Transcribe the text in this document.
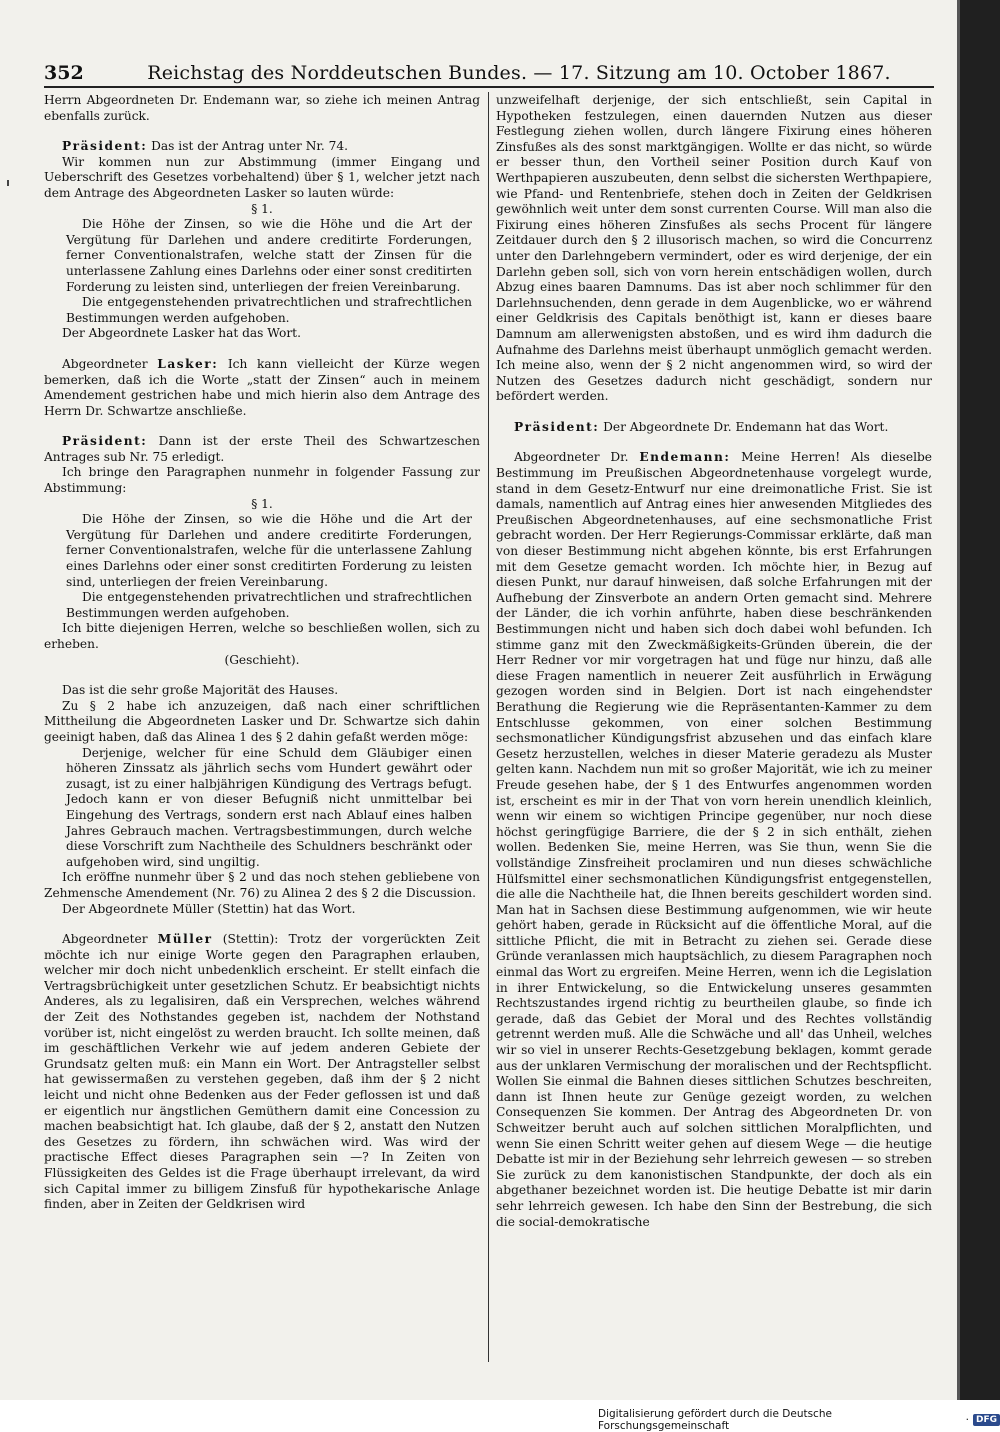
352	Reichstag des Norddeutschen Bundes. — 17. Sitzung am 10. October 1867.

Herrn Abgeordneten Dr. Endemann war, so ziehe ich meinen Antrag ebenfalls zurück.

Präsident: Das ist der Antrag unter Nr. 74.

Wir kommen nun zur Abstimmung (immer Eingang und Ueberschrift des Gesetzes vorbehaltend) über § 1, welcher jetzt nach dem Antrage des Abgeordneten Lasker so lauten würde:

§ 1.

Die Höhe der Zinsen, so wie die Höhe und die Art der Vergütung für Darlehen und andere creditirte Forderungen, ferner Conventionalstrafen, welche statt der Zinsen für die unterlassene Zahlung eines Darlehns oder einer sonst creditirten Forderung zu leisten sind, unterliegen der freien Vereinbarung.

Die entgegenstehenden privatrechtlichen und strafrechtlichen Bestimmungen werden aufgehoben.

Der Abgeordnete Lasker hat das Wort.

Abgeordneter Lasker: Ich kann vielleicht der Kürze wegen bemerken, daß ich die Worte „statt der Zinsen“ auch in meinem Amendement gestrichen habe und mich hierin also dem Antrage des Herrn Dr. Schwartze anschließe.

Präsident: Dann ist der erste Theil des Schwartzeschen Antrages sub Nr. 75 erledigt.

Ich bringe den Paragraphen nunmehr in folgender Fassung zur Abstimmung:

§ 1.

Die Höhe der Zinsen, so wie die Höhe und die Art der Vergütung für Darlehen und andere creditirte Forderungen, ferner Conventionalstrafen, welche für die unterlassene Zahlung eines Darlehns oder einer sonst creditirten Forderung zu leisten sind, unterliegen der freien Vereinbarung.

Die entgegenstehenden privatrechtlichen und strafrechtlichen Bestimmungen werden aufgehoben.

Ich bitte diejenigen Herren, welche so beschließen wollen, sich zu erheben.

(Geschieht).

Das ist die sehr große Majorität des Hauses.

Zu § 2 habe ich anzuzeigen, daß nach einer schriftlichen Mittheilung die Abgeordneten Lasker und Dr. Schwartze sich dahin geeinigt haben, daß das Alinea 1 des § 2 dahin gefaßt werden möge:

Derjenige, welcher für eine Schuld dem Gläubiger einen höheren Zinssatz als jährlich sechs vom Hundert gewährt oder zusagt, ist zu einer halbjährigen Kündigung des Vertrags befugt. Jedoch kann er von dieser Befugniß nicht unmittelbar bei Eingehung des Vertrags, sondern erst nach Ablauf eines halben Jahres Gebrauch machen. Vertragsbestimmungen, durch welche diese Vorschrift zum Nachtheile des Schuldners beschränkt oder aufgehoben wird, sind ungiltig.

Ich eröffne nunmehr über § 2 und das noch stehen gebliebene von Zehmensche Amendement (Nr. 76) zu Alinea 2 des § 2 die Discussion.

Der Abgeordnete Müller (Stettin) hat das Wort.

Abgeordneter Müller (Stettin): Trotz der vorgerückten Zeit möchte ich nur einige Worte gegen den Paragraphen erlauben, welcher mir doch nicht unbedenklich erscheint. Er stellt einfach die Vertragsbrüchigkeit unter gesetzlichen Schutz. Er beabsichtigt nichts Anderes, als zu legalisiren, daß ein Versprechen, welches während der Zeit des Nothstandes gegeben ist, nachdem der Nothstand vorüber ist, nicht eingelöst zu werden braucht. Ich sollte meinen, daß im geschäftlichen Verkehr wie auf jedem anderen Gebiete der Grundsatz gelten muß: ein Mann ein Wort. Der Antragsteller selbst hat gewissermaßen zu verstehen gegeben, daß ihm der § 2 nicht leicht und nicht ohne Bedenken aus der Feder geflossen ist und daß er eigentlich nur ängstlichen Gemüthern damit eine Concession zu machen beabsichtigt hat. Ich glaube, daß der § 2, anstatt den Nutzen des Gesetzes zu fördern, ihn schwächen wird. Was wird der practische Effect dieses Paragraphen sein —? In Zeiten von Flüssigkeiten des Geldes ist die Frage überhaupt irrelevant, da wird sich Capital immer zu billigem Zinsfuß für hypothekarische Anlage finden, aber in Zeiten der Geldkrisen wird

unzweifelhaft derjenige, der sich entschließt, sein Capital in Hypotheken festzulegen, einen dauernden Nutzen aus dieser Festlegung ziehen wollen, durch längere Fixirung eines höheren Zinsfußes als des sonst marktgängigen. Wollte er das nicht, so würde er besser thun, den Vortheil seiner Position durch Kauf von Werthpapieren auszubeuten, denn selbst die sichersten Werthpapiere, wie Pfand- und Rentenbriefe, stehen doch in Zeiten der Geldkrisen gewöhnlich weit unter dem sonst currenten Course. Will man also die Fixirung eines höheren Zinsfußes als sechs Procent für längere Zeitdauer durch den § 2 illusorisch machen, so wird die Concurrenz unter den Darlehngebern vermindert, oder es wird derjenige, der ein Darlehn geben soll, sich von vorn herein entschädigen wollen, durch Abzug eines baaren Damnums. Das ist aber noch schlimmer für den Darlehnsuchenden, denn gerade in dem Augenblicke, wo er während einer Geldkrisis des Capitals benöthigt ist, kann er dieses baare Damnum am allerwenigsten abstoßen, und es wird ihm dadurch die Aufnahme des Darlehns meist überhaupt unmöglich gemacht werden. Ich meine also, wenn der § 2 nicht angenommen wird, so wird der Nutzen des Gesetzes dadurch nicht geschädigt, sondern nur befördert werden.

Präsident: Der Abgeordnete Dr. Endemann hat das Wort.

Abgeordneter Dr. Endemann: Meine Herren! Als dieselbe Bestimmung im Preußischen Abgeordnetenhause vorgelegt wurde, stand in dem Gesetz-Entwurf nur eine dreimonatliche Frist. Sie ist damals, namentlich auf Antrag eines hier anwesenden Mitgliedes des Preußischen Abgeordnetenhauses, auf eine sechsmonatliche Frist gebracht worden. Der Herr Regierungs-Commissar erklärte, daß man von dieser Bestimmung nicht abgehen könnte, bis erst Erfahrungen mit dem Gesetze gemacht worden. Ich möchte hier, in Bezug auf diesen Punkt, nur darauf hinweisen, daß solche Erfahrungen mit der Aufhebung der Zinsverbote an andern Orten gemacht sind. Mehrere der Länder, die ich vorhin anführte, haben diese beschränkenden Bestimmungen nicht und haben sich doch dabei wohl befunden. Ich stimme ganz mit den Zweckmäßigkeits-Gründen überein, die der Herr Redner vor mir vorgetragen hat und füge nur hinzu, daß alle diese Fragen namentlich in neuerer Zeit ausführlich in Erwägung gezogen worden sind in Belgien. Dort ist nach eingehendster Berathung die Regierung wie die Repräsentanten-Kammer zu dem Entschlusse gekommen, von einer solchen Bestimmung sechsmonatlicher Kündigungsfrist abzusehen und das einfach klare Gesetz herzustellen, welches in dieser Materie geradezu als Muster gelten kann. Nachdem nun mit so großer Majorität, wie ich zu meiner Freude gesehen habe, der § 1 des Entwurfes angenommen worden ist, erscheint es mir in der That von vorn herein unendlich kleinlich, wenn wir einem so wichtigen Principe gegenüber, nur noch diese höchst geringfügige Barriere, die der § 2 in sich enthält, ziehen wollen. Bedenken Sie, meine Herren, was Sie thun, wenn Sie die vollständige Zinsfreiheit proclamiren und nun dieses schwächliche Hülfsmittel einer sechsmonatlichen Kündigungsfrist entgegenstellen, die alle die Nachtheile hat, die Ihnen bereits geschildert worden sind. Man hat in Sachsen diese Bestimmung aufgenommen, wie wir heute gehört haben, gerade in Rücksicht auf die öffentliche Moral, auf die sittliche Pflicht, die mit in Betracht zu ziehen sei. Gerade diese Gründe veranlassen mich hauptsächlich, zu diesem Paragraphen noch einmal das Wort zu ergreifen. Meine Herren, wenn ich die Legislation in ihrer Entwickelung, so die Entwickelung unseres gesammten Rechtszustandes irgend richtig zu beurtheilen glaube, so finde ich gerade, daß das Gebiet der Moral und des Rechtes vollständig getrennt werden muß. Alle die Schwäche und all' das Unheil, welches wir so viel in unserer Rechts-Gesetzgebung beklagen, kommt gerade aus der unklaren Vermischung der moralischen und der Rechtspflicht. Wollen Sie einmal die Bahnen dieses sittlichen Schutzes beschreiten, dann ist Ihnen heute zur Genüge gezeigt worden, zu welchen Consequenzen Sie kommen. Der Antrag des Abgeordneten Dr. von Schweitzer beruht auch auf solchen sittlichen Moralpflichten, und wenn Sie einen Schritt weiter gehen auf diesem Wege — die heutige Debatte ist mir in der Beziehung sehr lehrreich gewesen — so streben Sie zurück zu dem kanonistischen Standpunkte, der doch als ein abgethaner bezeichnet worden ist. Die heutige Debatte ist mir darin sehr lehrreich gewesen. Ich habe den Sinn der Bestrebung, die sich die social-demokratische

Digitalisierung gefördert durch die Deutsche Forschungsgemeinschaft	· DFG
